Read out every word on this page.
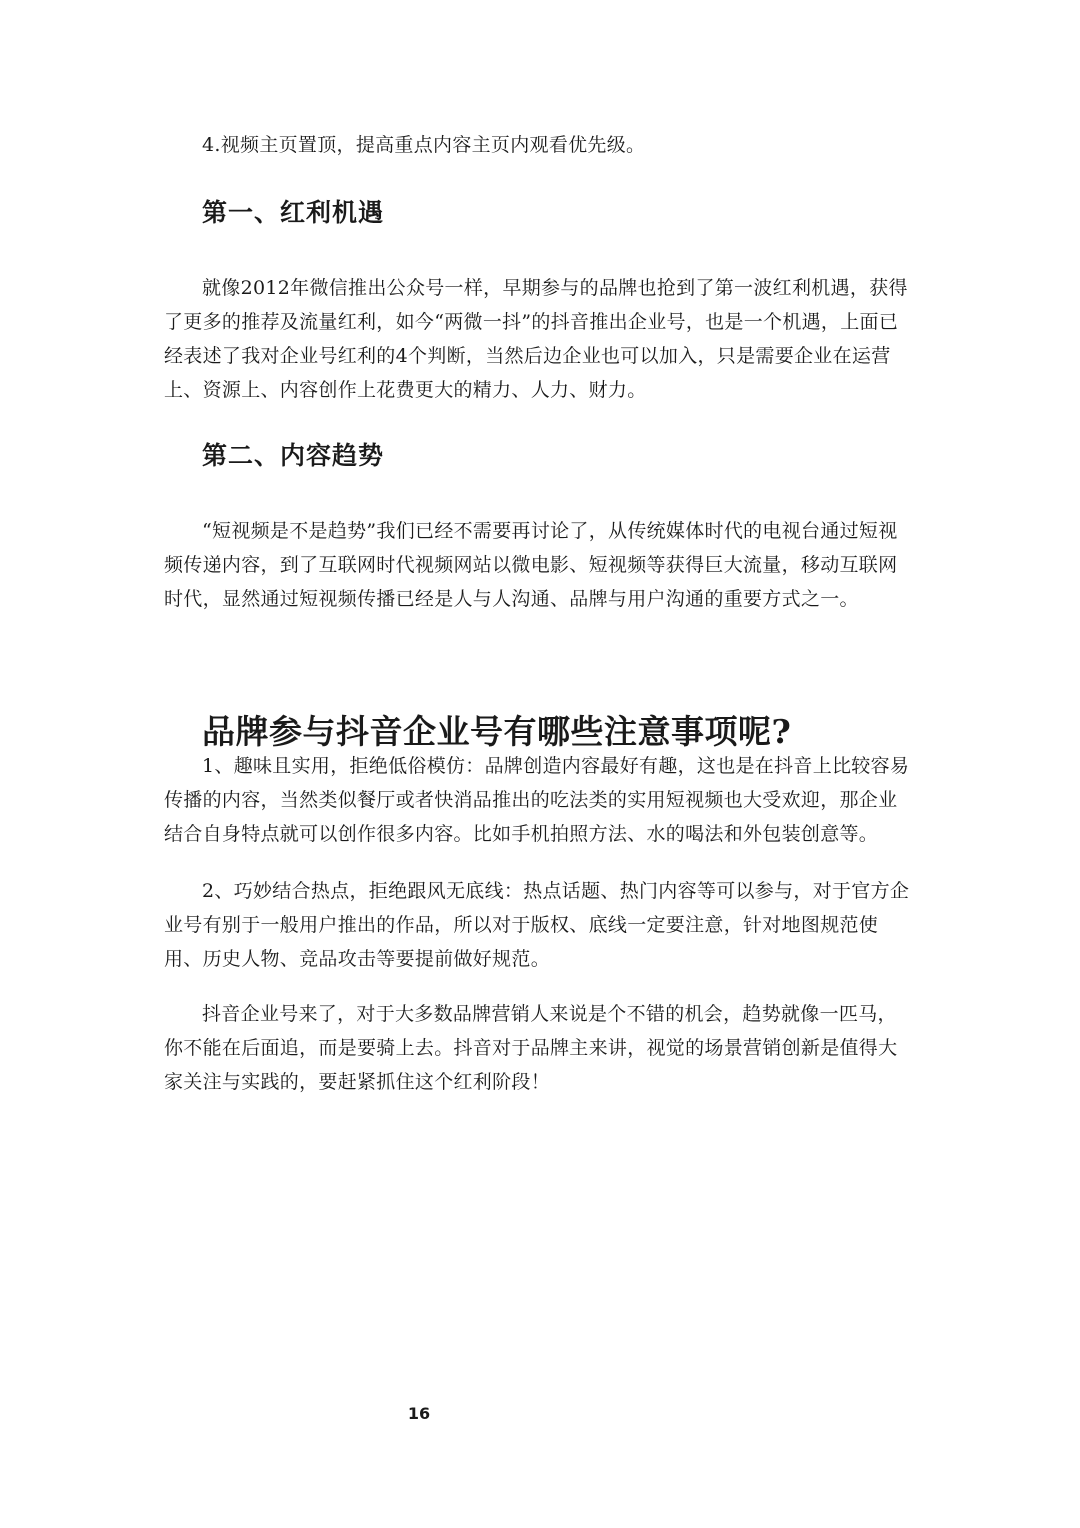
4.视频主页置顶，提高重点内容主页内观看优先级。

第一、红利机遇

就像2012年微信推出公众号一样，早期参与的品牌也抢到了第一波红利机遇，获得了更多的推荐及流量红利，如今“两微一抖”的抖音推出企业号，也是一个机遇，上面已经表述了我对企业号红利的4个判断，当然后边企业也可以加入，只是需要企业在运营上、资源上、内容创作上花费更大的精力、人力、财力。

第二、内容趋势

“短视频是不是趋势”我们已经不需要再讨论了，从传统媒体时代的电视台通过短视频传递内容，到了互联网时代视频网站以微电影、短视频等获得巨大流量，移动互联网时代，显然通过短视频传播已经是人与人沟通、品牌与用户沟通的重要方式之一。

品牌参与抖音企业号有哪些注意事项呢?

1、趣味且实用，拒绝低俗模仿：品牌创造内容最好有趣，这也是在抖音上比较容易传播的内容，当然类似餐厅或者快消品推出的吃法类的实用短视频也大受欢迎，那企业结合自身特点就可以创作很多内容。比如手机拍照方法、水的喝法和外包装创意等。

2、巧妙结合热点，拒绝跟风无底线：热点话题、热门内容等可以参与，对于官方企业号有别于一般用户推出的作品，所以对于版权、底线一定要注意，针对地图规范使用、历史人物、竞品攻击等要提前做好规范。

抖音企业号来了，对于大多数品牌营销人来说是个不错的机会，趋势就像一匹马，你不能在后面追，而是要骑上去。抖音对于品牌主来讲，视觉的场景营销创新是值得大家关注与实践的，要赶紧抓住这个红利阶段！

16
